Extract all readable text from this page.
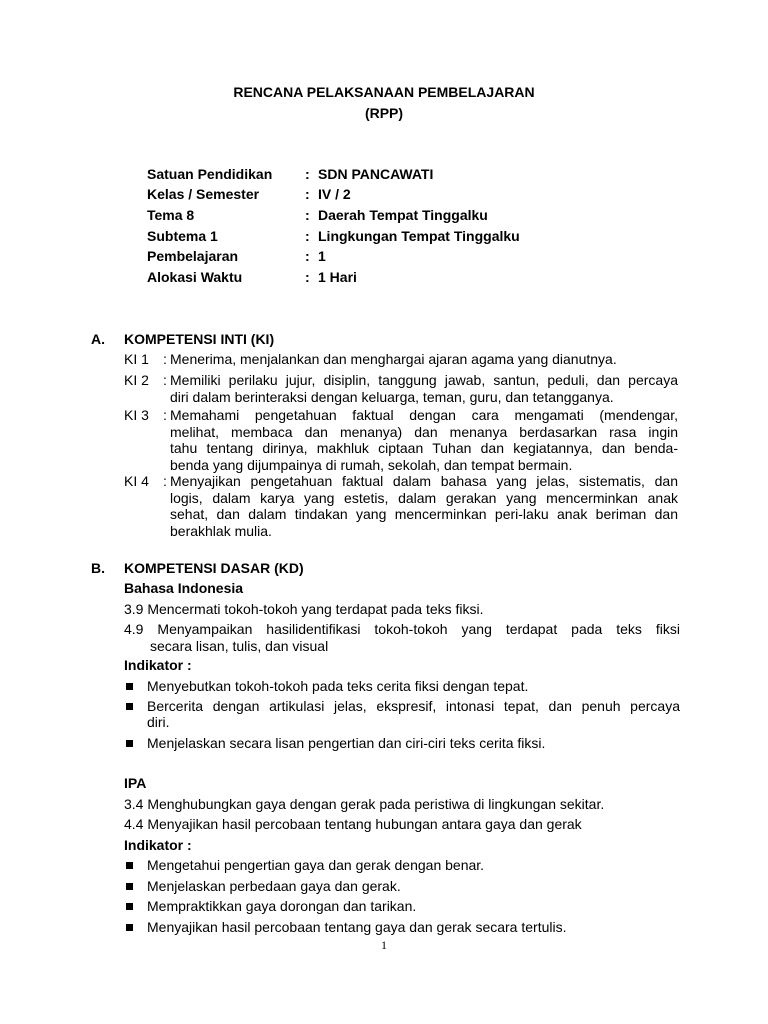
RENCANA PELAKSANAAN PEMBELAJARAN
(RPP)
Satuan Pendidikan	: SDN PANCAWATI
Kelas / Semester	: IV / 2
Tema 8	: Daerah Tempat Tinggalku
Subtema 1	: Lingkungan Tempat Tinggalku
Pembelajaran	: 1
Alokasi Waktu	: 1 Hari
A. KOMPETENSI INTI (KI)
KI 1 : Menerima, menjalankan dan menghargai ajaran agama yang dianutnya.
KI 2 : Memiliki perilaku jujur, disiplin, tanggung jawab, santun, peduli, dan percaya
diri dalam berinteraksi dengan keluarga, teman, guru, dan tetangganya.
KI 3 : Memahami pengetahuan faktual dengan cara mengamati (mendengar,
melihat, membaca dan menanya) dan menanya berdasarkan rasa ingin
tahu tentang dirinya, makhluk ciptaan Tuhan dan kegiatannya, dan benda-
benda yang dijumpainya di rumah, sekolah, dan tempat bermain.
KI 4 : Menyajikan pengetahuan faktual dalam bahasa yang jelas, sistematis, dan
logis, dalam karya yang estetis, dalam gerakan yang mencerminkan anak
sehat, dan dalam tindakan yang mencerminkan peri-laku anak beriman dan
berakhlak mulia.
B. KOMPETENSI DASAR (KD)
Bahasa Indonesia
3.9 Mencermati tokoh-tokoh yang terdapat pada teks fiksi.
4.9 Menyampaikan hasilidentifikasi tokoh-tokoh yang terdapat pada teks fiksi
secara lisan, tulis, dan visual
Indikator :
Menyebutkan tokoh-tokoh pada teks cerita fiksi dengan tepat.
Bercerita dengan artikulasi jelas, ekspresif, intonasi tepat, dan penuh percaya
diri.
Menjelaskan secara lisan pengertian dan ciri-ciri teks cerita fiksi.
IPA
3.4 Menghubungkan gaya dengan gerak pada peristiwa di lingkungan sekitar.
4.4 Menyajikan hasil percobaan tentang hubungan antara gaya dan gerak
Indikator :
Mengetahui pengertian gaya dan gerak dengan benar.
Menjelaskan perbedaan gaya dan gerak.
Mempraktikkan gaya dorongan dan tarikan.
Menyajikan hasil percobaan tentang gaya dan gerak secara tertulis.
1
